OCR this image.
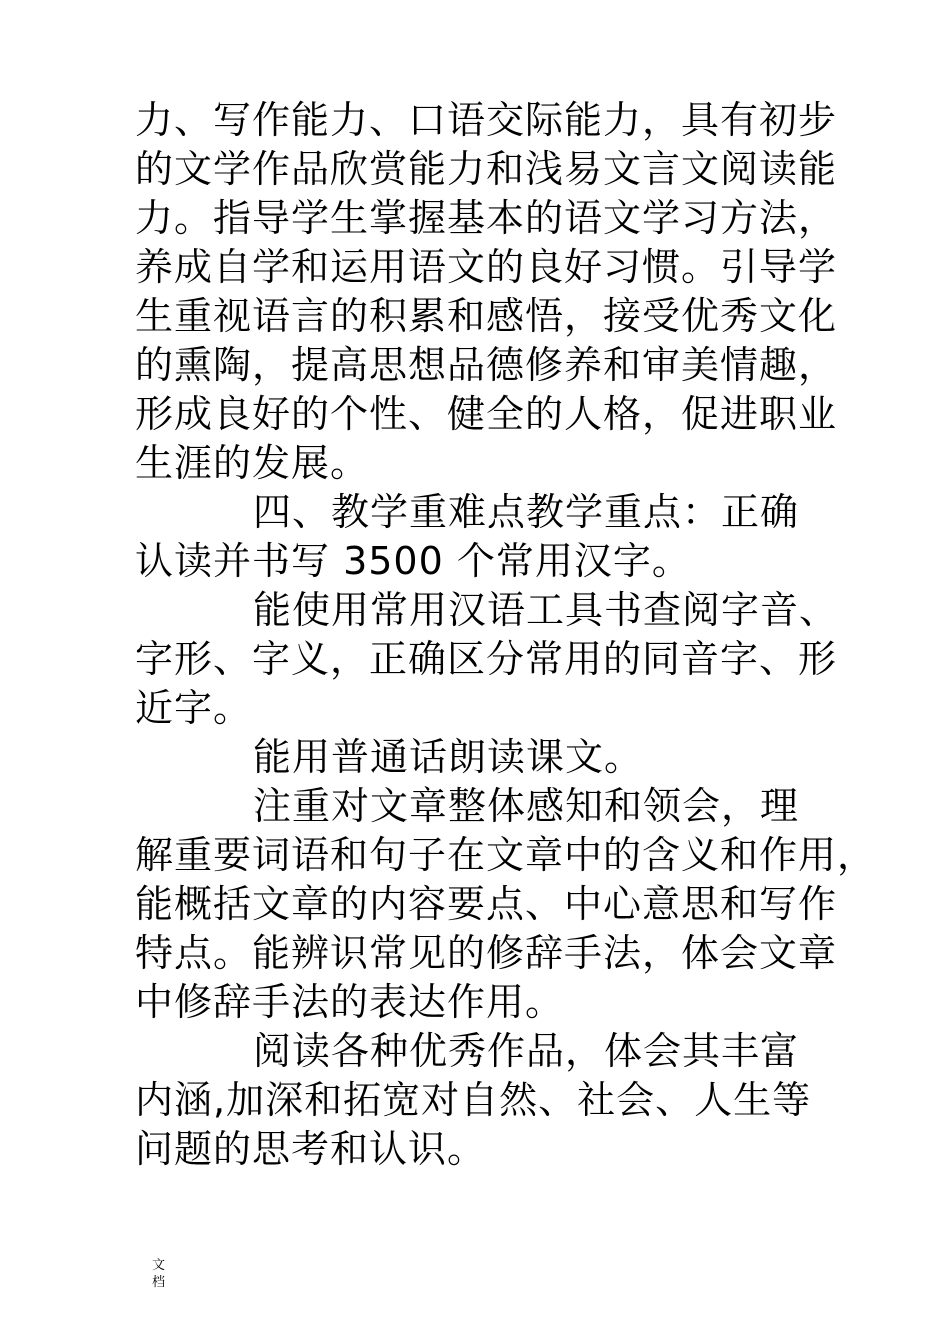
力、写作能力、口语交际能力，具有初步
的文学作品欣赏能力和浅易文言文阅读能
力。指导学生掌握基本的语文学习方法，
养成自学和运用语文的良好习惯。引导学
生重视语言的积累和感悟，接受优秀文化
的熏陶，提高思想品德修养和审美情趣，
形成良好的个性、健全的人格，促进职业
生涯的发展。
四、教学重难点教学重点：正确
认读并书写 3500 个常用汉字。
能使用常用汉语工具书查阅字音、
字形、字义，正确区分常用的同音字、形
近字。
能用普通话朗读课文。
注重对文章整体感知和领会，理
解重要词语和句子在文章中的含义和作用，
能概括文章的内容要点、中心意思和写作
特点。能辨识常见的修辞手法，体会文章
中修辞手法的表达作用。
阅读各种优秀作品，体会其丰富
内涵,加深和拓宽对自然、社会、人生等
问题的思考和认识。
文档
